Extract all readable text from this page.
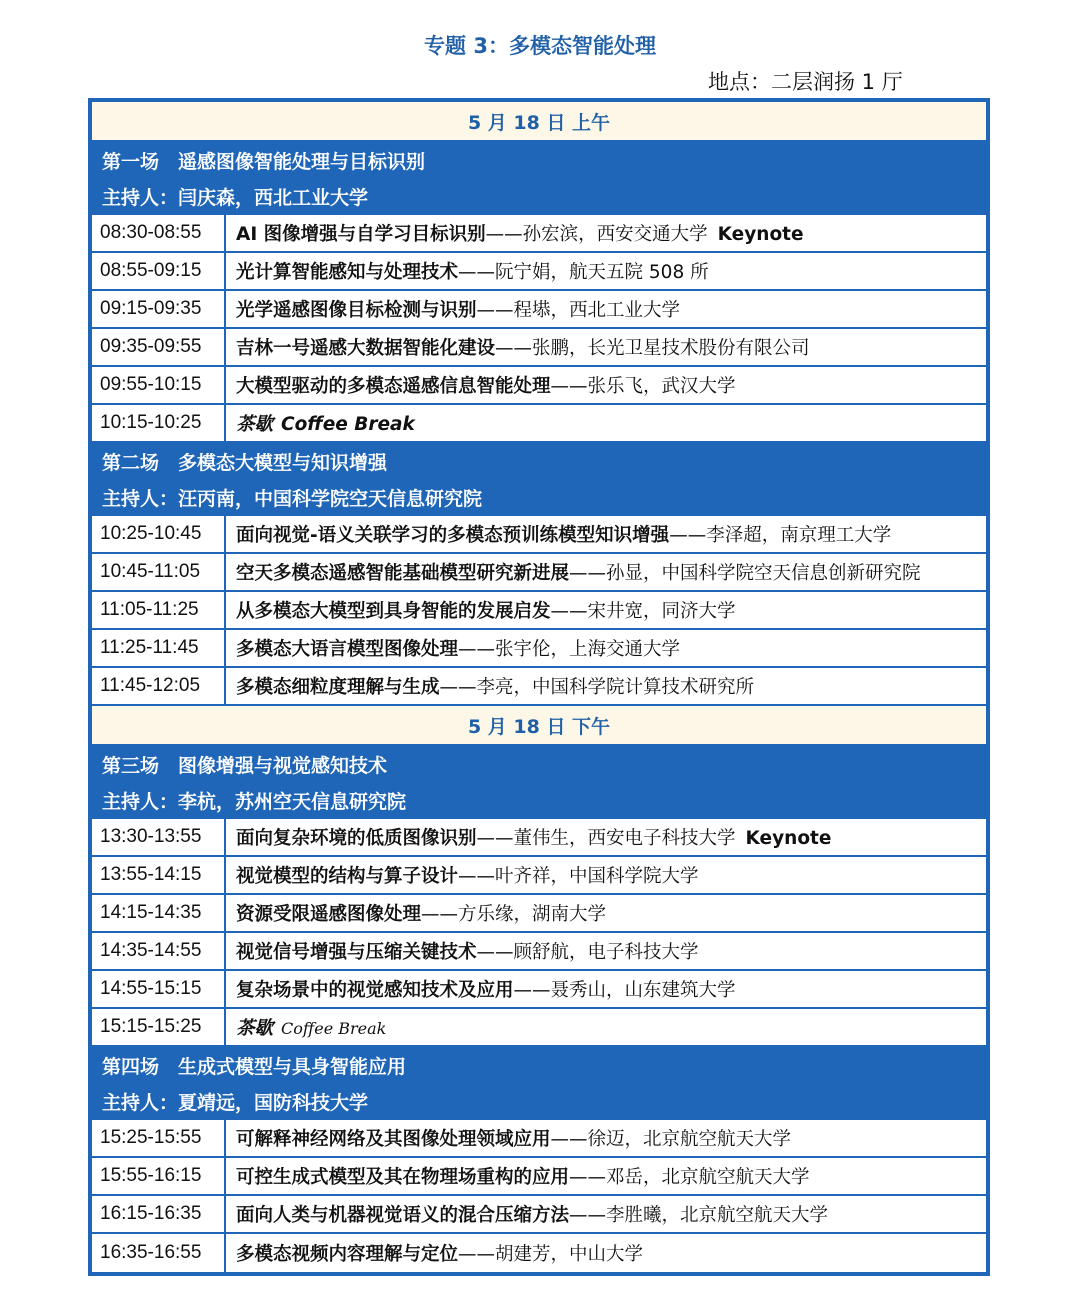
专题 3：多模态智能处理
地点：二层润扬 1 厅
5 月 18 日 上午
第一场　遥感图像智能处理与目标识别
主持人：闫庆森，西北工业大学
08:30-08:55	AI 图像增强与自学习目标识别——孙宏滨，西安交通大学 Keynote
08:55-09:15	光计算智能感知与处理技术——阮宁娟，航天五院 508 所
09:15-09:35	光学遥感图像目标检测与识别——程塨，西北工业大学
09:35-09:55	吉林一号遥感大数据智能化建设——张鹏，长光卫星技术股份有限公司
09:55-10:15	大模型驱动的多模态遥感信息智能处理——张乐飞，武汉大学
10:15-10:25	茶歇 Coffee Break
第二场　多模态大模型与知识增强
主持人：汪丙南，中国科学院空天信息研究院
10:25-10:45	面向视觉-语义关联学习的多模态预训练模型知识增强——李泽超，南京理工大学
10:45-11:05	空天多模态遥感智能基础模型研究新进展——孙显，中国科学院空天信息创新研究院
11:05-11:25	从多模态大模型到具身智能的发展启发——宋井宽，同济大学
11:25-11:45	多模态大语言模型图像处理——张宇伦，上海交通大学
11:45-12:05	多模态细粒度理解与生成——李亮，中国科学院计算技术研究所
5 月 18 日 下午
第三场　图像增强与视觉感知技术
主持人：李杭，苏州空天信息研究院
13:30-13:55	面向复杂环境的低质图像识别——董伟生，西安电子科技大学 Keynote
13:55-14:15	视觉模型的结构与算子设计——叶齐祥，中国科学院大学
14:15-14:35	资源受限遥感图像处理——方乐缘，湖南大学
14:35-14:55	视觉信号增强与压缩关键技术——顾舒航，电子科技大学
14:55-15:15	复杂场景中的视觉感知技术及应用——聂秀山，山东建筑大学
15:15-15:25	茶歇 Coffee Break
第四场　生成式模型与具身智能应用
主持人：夏靖远，国防科技大学
15:25-15:55	可解释神经网络及其图像处理领域应用——徐迈，北京航空航天大学
15:55-16:15	可控生成式模型及其在物理场重构的应用——邓岳，北京航空航天大学
16:15-16:35	面向人类与机器视觉语义的混合压缩方法——李胜曦，北京航空航天大学
16:35-16:55	多模态视频内容理解与定位——胡建芳，中山大学
